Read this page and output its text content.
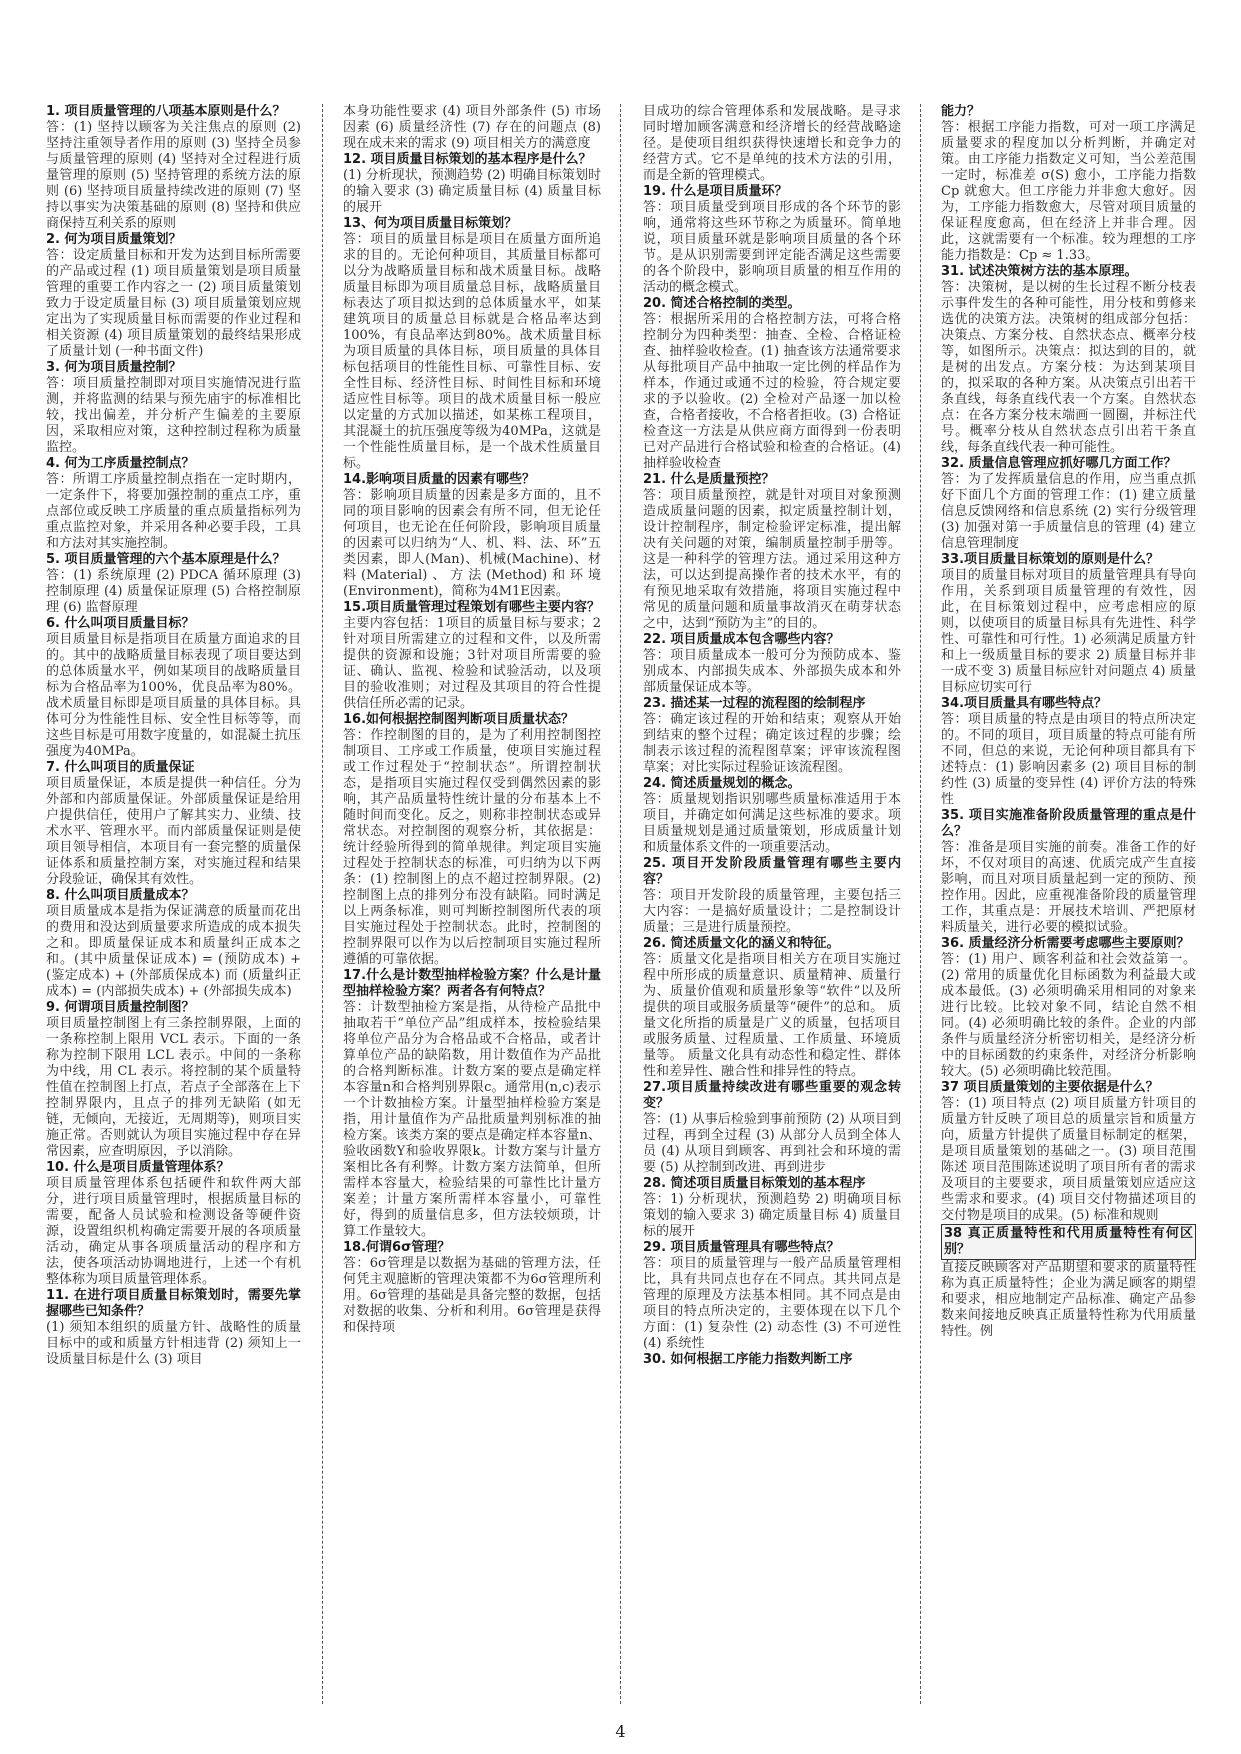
1. 项目质量管理的八项基本原则是什么？

答：(1) 坚持以顾客为关注焦点的原则 (2) 坚持注重领导者作用的原则 (3) 坚持全员参与质量管理的原则 (4) 坚持对全过程进行质量管理的原则 (5) 坚持管理的系统方法的原则 (6) 坚持项目质量持续改进的原则 (7) 坚持以事实为决策基础的原则 (8) 坚持和供应商保持互利关系的原则

2. 何为项目质量策划？

答：设定质量目标和开发为达到目标所需要的产品或过程 (1) 项目质量策划是项目质量管理的重要工作内容之一 (2) 项目质量策划致力于设定质量目标 (3) 项目质量策划应规定出为了实现质量目标而需要的作业过程和相关资源 (4) 项目质量策划的最终结果形成了质量计划 (一种书面文件)

3. 何为项目质量控制？

答：项目质量控制即对项目实施情况进行监测，并将监测的结果与预先庙宇的标准相比较，找出偏差，并分析产生偏差的主要原因，采取相应对策，这种控制过程称为质量监控。

4. 何为工序质量控制点？

答：所谓工序质量控制点指在一定时期内，一定条件下，将要加强控制的重点工序，重点部位或反映工序质量的重点质量指标列为重点监控对象，并采用各种必要手段，工具和方法对其实施控制。

5. 项目质量管理的六个基本原理是什么？

答：(1) 系统原理 (2) PDCA 循环原理 (3) 控制原理 (4) 质量保证原理 (5) 合格控制原理 (6) 监督原理

6. 什么叫项目质量目标？

项目质量目标是指项目在质量方面追求的目的。其中的战略质量目标表现了项目要达到的总体质量水平，例如某项目的战略质量目标为合格品率为100%，优良品率为80%。战术质量目标即是项目质量的具体目标。具体可分为性能性目标、安全性目标等等，而这些目标是可用数字度量的，如混凝土抗压强度为40MPa。

7. 什么叫项目的质量保证

项目质量保证，本质是提供一种信任。分为外部和内部质量保证。外部质量保证是给用户提供信任，使用户了解其实力、业绩、技术水平、管理水平。而内部质量保证则是使项目领导相信，本项目有一套完整的质量保证体系和质量控制方案，对实施过程和结果分段验证，确保其有效性。

8. 什么叫项目质量成本？

项目质量成本是指为保证满意的质量而花出的费用和没达到质量要求所造成的成本损失之和。即质量保证成本和质量纠正成本之和。(其中质量保证成本) = (预防成本) + (鉴定成本) + (外部质保成本) 而 (质量纠正成本) = (内部损失成本) + (外部损失成本)

9. 何谓项目质量控制图？

项目质量控制图上有三条控制界限，上面的一条称控制上限用 VCL 表示。下面的一条称为控制下限用 LCL 表示。中间的一条称为中线，用 CL 表示。将控制的某个质量特性值在控制图上打点，若点子全部落在上下控制界限内，且点子的排列无缺陷 (如无链，无倾向，无接近，无周期等)，则项目实施正常。否则就认为项目实施过程中存在异常因素，应查明原因，予以消除。

10. 什么是项目质量管理体系？

项目质量管理体系包括硬件和软件两大部分，进行项目质量管理时，根据质量目标的需要，配备人员试验和检测设备等硬件资源，设置组织机构确定需要开展的各项质量活动，确定从事各项质量活动的程序和方法，使各项活动协调地进行，上述一个有机整体称为项目质量管理体系。

11. 在进行项目质量目标策划时，需要先掌握哪些已知条件？

(1) 须知本组织的质量方针、战略性的质量目标中的或和质量方针相违背 (2) 须知上一设质量目标是什么 (3) 项目

本身功能性要求 (4) 项目外部条件 (5) 市场因素 (6) 质量经济性 (7) 存在的问题点 (8) 现在成未来的需求 (9) 项目相关方的满意度

12. 项目质量目标策划的基本程序是什么？

(1) 分析现状，预测趋势 (2) 明确目标策划时的输入要求 (3) 确定质量目标 (4) 质量目标的展开

13、何为项目质量目标策划？

答：项目的质量目标是项目在质量方面所追求的目的。无论何种项目，其质量目标都可以分为战略质量目标和战术质量目标。战略质量目标即为项目质量总目标，战略质量目标表达了项目拟达到的总体质量水平，如某建筑项目的质量总目标就是合格品率达到100%，有良品率达到80%。战术质量目标为项目质量的具体目标，项目质量的具体目标包括项目的性能性目标、可靠性目标、安全性目标、经济性目标、时间性目标和环境适应性目标等。项目的战术质量目标一般应以定量的方式加以描述，如某栋工程项目，其混凝土的抗压强度等级为40MPa，这就是一个性能性质量目标，是一个战术性质量目标。

14.影响项目质量的因素有哪些？

答：影响项目质量的因素是多方面的，且不同的项目影响的因素会有所不同，但无论任何项目，也无论在任何阶段，影响项目质量的因素可以归纳为“人、机、料、法、环”五类因素，即人(Man)、机械(Machine)、材料(Material)、方法(Method)和环境(Environment)，简称为4M1E因素。

15.项目质量管理过程策划有哪些主要内容？

主要内容包括：1项目的质量目标与要求；2针对项目所需建立的过程和文件，以及所需提供的资源和设施；3针对项目所需要的验证、确认、监视、检验和试验活动，以及项目的验收准则；对过程及其项目的符合性提供信任所必需的记录。

16.如何根据控制图判断项目质量状态？

答：作控制图的目的，是为了利用控制图控制项目、工序或工作质量，使项目实施过程或工作过程处于“控制状态”。所谓控制状态，是指项目实施过程仅受到偶然因素的影响，其产品质量特性统计量的分布基本上不随时间而变化。反之，则称非控制状态或异常状态。对控制图的观察分析，其依据是：统计经验所得到的简单规律。判定项目实施过程处于控制状态的标准，可归纳为以下两条：(1) 控制图上的点不超过控制界限。(2) 控制图上点的排列分布没有缺陷。同时满足以上两条标准，则可判断控制图所代表的项目实施过程处于控制状态。此时，控制图的控制界限可以作为以后控制项目实施过程所遵循的可靠依据。

17.什么是计数型抽样检验方案？什么是计量型抽样检验方案？两者各有何特点？

答：计数型抽检方案是指，从待检产品批中抽取若干“单位产品”组成样本，按检验结果将单位产品分为合格品或不合格品，或者计算单位产品的缺陷数，用计数值作为产品批的合格判断标准。计数方案的要点是确定样本容量n和合格判别界限c。通常用(n,c)表示一个计数抽检方案。计量型抽样检验方案是指，用计量值作为产品批质量判别标准的抽检方案。该类方案的要点是确定样本容量n、验收函数Y和验收界限k。计数方案与计量方案相比各有利弊。计数方案方法简单，但所需样本容量大，检验结果的可靠性比计量方案差；计量方案所需样本容量小，可靠性好，得到的质量信息多，但方法较烦琐，计算工作量较大。

18.何谓6σ管理？

答：6σ管理是以数据为基础的管理方法，任何凭主观臆断的管理决策都不为6σ管理所利用。6σ管理的基础是具备完整的数据，包括对数据的收集、分析和利用。6σ管理是获得和保持项

目成功的综合管理体系和发展战略。是寻求同时增加顾客满意和经济增长的经营战略途径。是使项目组织获得快速增长和竞争力的经营方式。它不是单纯的技术方法的引用，而是全新的管理模式。

19. 什么是项目质量环？

答：项目质量受到项目形成的各个环节的影响，通常将这些环节称之为质量环。简单地说，项目质量环就是影响项目质量的各个环节。是从识别需要到评定能否满足这些需要的各个阶段中，影响项目质量的相互作用的活动的概念模式。

20. 简述合格控制的类型。

答：根据所采用的合格控制方法，可将合格控制分为四种类型：抽查、全检、合格证检查、抽样验收检查。(1) 抽查该方法通常要求从每批项目产品中抽取一定比例的样品作为样本，作通过或通不过的检验，符合规定要求的予以验收。(2) 全检对产品逐一加以检查，合格者接收，不合格者拒收。(3) 合格证检查这一方法是从供应商方面得到一份表明已对产品进行合格试验和检查的合格证。(4) 抽样验收检查

21. 什么是质量预控？

答：项目质量预控，就是针对项目对象预测造成质量问题的因素，拟定质量控制计划，设计控制程序，制定检验评定标准，提出解决有关问题的对策，编制质量控制手册等。这是一种科学的管理方法。通过采用这种方法，可以达到提高操作者的技术水平，有的有预见地采取有效措施，将项目实施过程中常见的质量问题和质量事故消灭在萌芽状态之中，达到“预防为主”的目的。

22. 项目质量成本包含哪些内容？

答：项目质量成本一般可分为预防成本、鉴别成本、内部损失成本、外部损失成本和外部质量保证成本等。

23. 描述某一过程的流程图的绘制程序

答：确定该过程的开始和结束；观察从开始到结束的整个过程；确定该过程的步骤；绘制表示该过程的流程图草案；评审该流程图草案；对比实际过程验证该流程图。

24. 简述质量规划的概念。

答：质量规划指识别哪些质量标准适用于本项目，并确定如何满足这些标准的要求。项目质量规划是通过质量策划，形成质量计划和质量体系文件的一项重要活动。

25. 项目开发阶段质量管理有哪些主要内容？

答：项目开发阶段的质量管理，主要包括三大内容：一是搞好质量设计；二是控制设计质量；三是进行质量预控。

26. 简述质量文化的涵义和特征。

答：质量文化是指项目相关方在项目实施过程中所形成的质量意识、质量精神、质量行为、质量价值观和质量形象等“软件”以及所提供的项目或服务质量等“硬件”的总和。 质量文化所指的质量是广义的质量，包括项目或服务质量、过程质量、工作质量、环境质量等。 质量文化具有动态性和稳定性、群体性和差异性、融合性和排异性的特点。

27.项目质量持续改进有哪些重要的观念转变？

答：(1) 从事后检验到事前预防 (2) 从项目到过程，再到全过程 (3) 从部分人员到全体人员 (4) 从项目到顾客、再到社会和环境的需要 (5) 从控制到改进、再到进步

28. 简述项目质量目标策划的基本程序

答：1) 分析现状，预测趋势 2) 明确项目标策划的输入要求 3) 确定质量目标 4) 质量目标的展开

29. 项目质量管理具有哪些特点？

答：项目的质量管理与一般产品质量管理相比，具有共同点也存在不同点。其共同点是管理的原理及方法基本相同。其不同点是由项目的特点所决定的，主要体现在以下几个方面：(1) 复杂性 (2) 动态性 (3) 不可逆性 (4) 系统性

30. 如何根据工序能力指数判断工序

能力？

答：根据工序能力指数，可对一项工序满足质量要求的程度加以分析判断，并确定对策。由工序能力指数定义可知，当公差范围一定时，标准差 σ(S) 愈小，工序能力指数 Cp 就愈大。但工序能力并非愈大愈好。因为，工序能力指数愈大，尽管对项目质量的保证程度愈高，但在经济上并非合理。因此，这就需要有一个标准。较为理想的工序能力指数是：Cp ≈ 1.33。

31. 试述决策树方法的基本原理。

答：决策树，是以树的生长过程不断分枝表示事件发生的各种可能性，用分枝和剪修来选优的决策方法。决策树的组成部分包括：决策点、方案分枝、自然状态点、概率分枝等，如图所示。决策点：拟达到的目的，就是树的出发点。方案分枝：为达到某项目的，拟采取的各种方案。从决策点引出若干条直线，每条直线代表一个方案。自然状态点：在各方案分枝末端画一圆圈，并标注代号。概率分枝从自然状态点引出若干条直线，每条直线代表一种可能性。

32. 质量信息管理应抓好哪几方面工作？

答：为了发挥质量信息的作用，应当重点抓好下面几个方面的管理工作：(1) 建立质量信息反馈网络和信息系统 (2) 实行分级管理 (3) 加强对第一手质量信息的管理 (4) 建立信息管理制度

33.项目质量目标策划的原则是什么？

项目的质量目标对项目的质量管理具有导向作用，关系到项目质量管理的有效性，因此，在目标策划过程中，应考虑相应的原则，以使项目的质量目标具有先进性、科学性、可靠性和可行性。1) 必须满足质量方针和上一级质量目标的要求 2) 质量目标并非一成不变 3) 质量目标应针对问题点 4) 质量目标应切实可行

34.项目质量具有哪些特点？

答：项目质量的特点是由项目的特点所决定的。不同的项目，项目质量的特点可能有所不同，但总的来说，无论何种项目都具有下述特点：(1) 影响因素多 (2) 项目目标的制约性 (3) 质量的变异性 (4) 评价方法的特殊性

35. 项目实施准备阶段质量管理的重点是什么？

答：准备是项目实施的前奏。准备工作的好坏，不仅对项目的高速、优质完成产生直接影响，而且对项目质量起到一定的预防、预控作用。因此，应重视准备阶段的质量管理工作，其重点是：开展技术培训、严把原材料质量关，进行必要的模拟试验。

36. 质量经济分析需要考虑哪些主要原则？

答：(1) 用户、顾客利益和社会效益第一。(2) 常用的质量优化目标函数为利益最大或成本最低。(3) 必须明确采用相同的对象来进行比较。比较对象不同，结论自然不相同。(4) 必须明确比较的条件。企业的内部条件与质量经济分析密切相关，是经济分析中的目标函数的约束条件，对经济分析影响较大。(5) 必须明确比较范围。

37 项目质量策划的主要依据是什么？

答：(1) 项目特点 (2) 项目质量方针项目的质量方针反映了项目总的质量宗旨和质量方向，质量方针提供了质量目标制定的框架，是项目质量策划的基础之一。(3) 项目范围陈述 项目范围陈述说明了项目所有者的需求及项目的主要要求，项目质量策划应适应这些需求和要求。(4) 项目交付物描述项目的交付物是项目的成果。(5) 标准和规则

38 真正质量特性和代用质量特性有何区别？

直接反映顾客对产品期望和要求的质量特性称为真正质量特性；企业为满足顾客的期望和要求，相应地制定产品标准、确定产品参数来间接地反映真正质量特性称为代用质量特性。例

4
